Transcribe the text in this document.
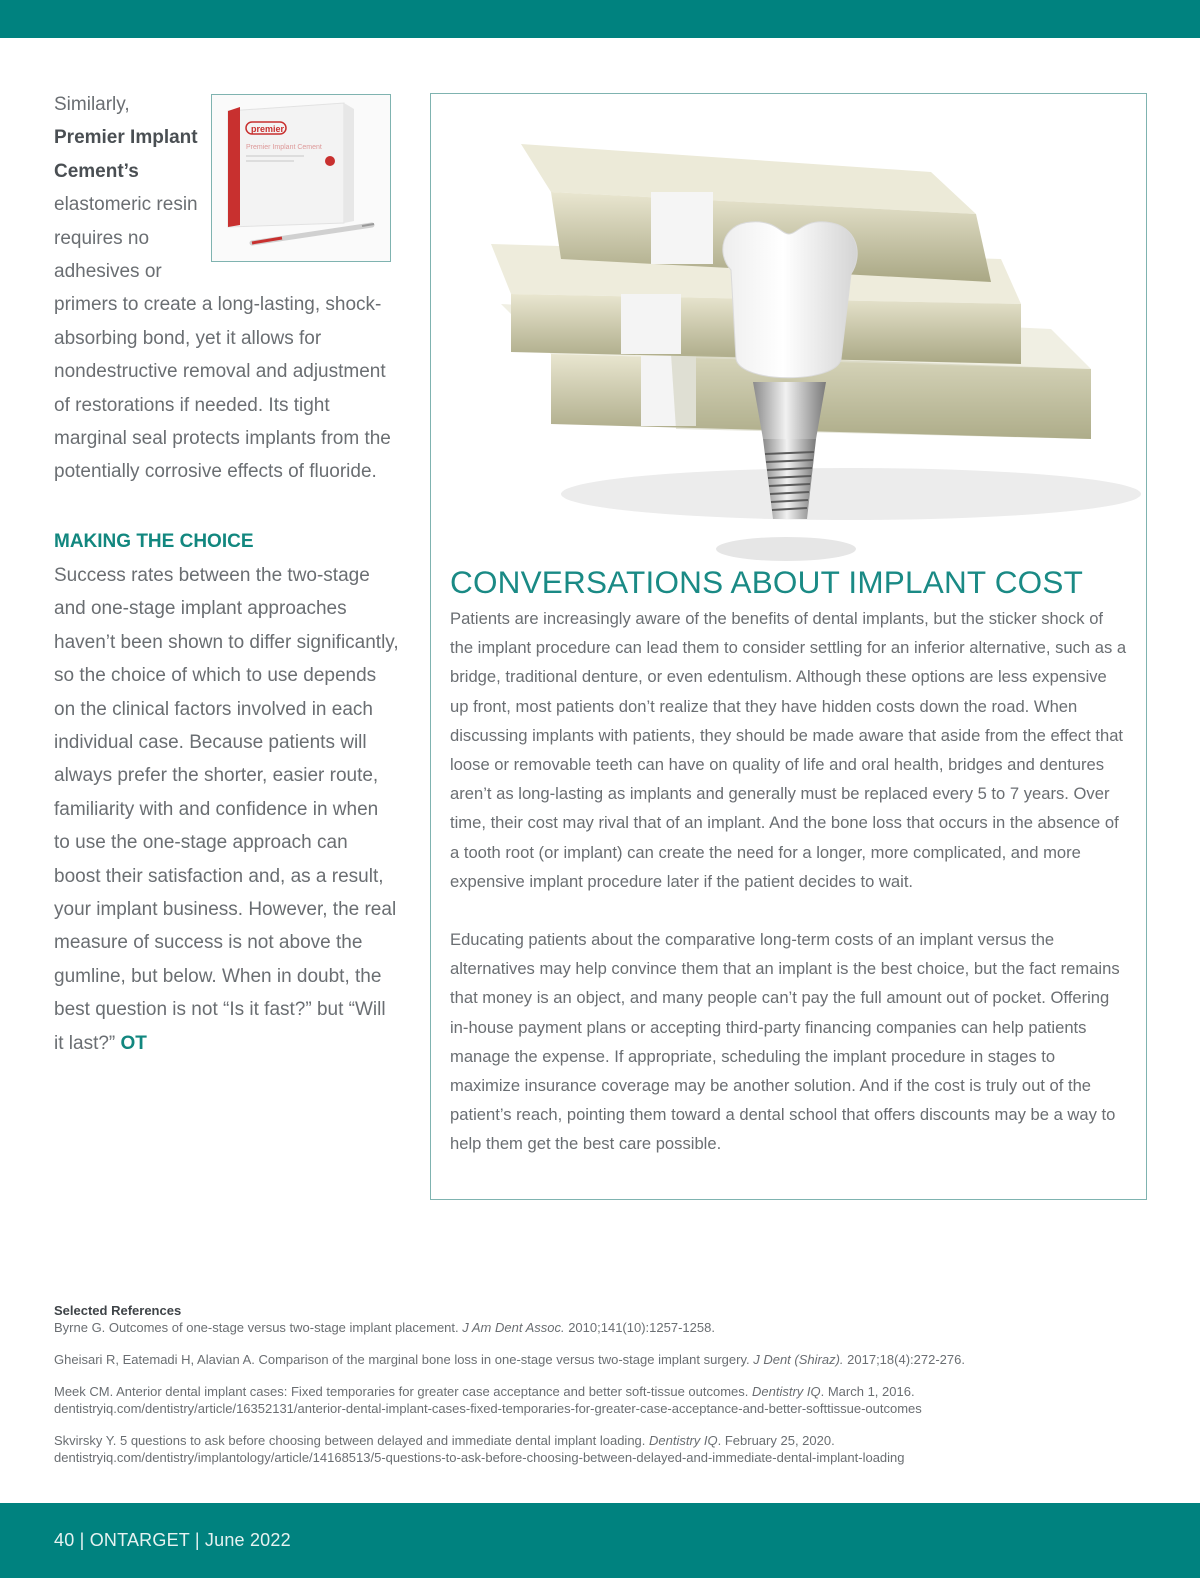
premier
Premier Implant Cement

Similarly, Premier Implant Cement’s elastomeric resin requires no adhesives or primers to create a long-lasting, shock-absorbing bond, yet it allows for nondestructive removal and adjustment of restorations if needed. Its tight marginal seal protects implants from the potentially corrosive effects of fluoride.

MAKING THE CHOICE

Success rates between the two-stage and one-stage implant approaches haven’t been shown to differ significantly, so the choice of which to use depends on the clinical factors involved in each individual case. Because patients will always prefer the shorter, easier route, familiarity with and confidence in when to use the one-stage approach can boost their satisfaction and, as a result, your implant business. However, the real measure of success is not above the gumline, but below. When in doubt, the best question is not “Is it fast?” but “Will it last?” OT

CONVERSATIONS ABOUT IMPLANT COST

Patients are increasingly aware of the benefits of dental implants, but the sticker shock of the implant procedure can lead them to consider settling for an inferior alternative, such as a bridge, traditional denture, or even edentulism. Although these options are less expensive up front, most patients don’t realize that they have hidden costs down the road. When discussing implants with patients, they should be made aware that aside from the effect that loose or removable teeth can have on quality of life and oral health, bridges and dentures aren’t as long-lasting as implants and generally must be replaced every 5 to 7 years. Over time, their cost may rival that of an implant. And the bone loss that occurs in the absence of a tooth root (or implant) can create the need for a longer, more complicated, and more expensive implant procedure later if the patient decides to wait.

Educating patients about the comparative long-term costs of an implant versus the alternatives may help convince them that an implant is the best choice, but the fact remains that money is an object, and many people can’t pay the full amount out of pocket. Offering in-house payment plans or accepting third-party financing companies can help patients manage the expense. If appropriate, scheduling the implant procedure in stages to maximize insurance coverage may be another solution. And if the cost is truly out of the patient’s reach, pointing them toward a dental school that offers discounts may be a way to help them get the best care possible.

Selected References

Byrne G. Outcomes of one-stage versus two-stage implant placement. J Am Dent Assoc. 2010;141(10):1257-1258.

Gheisari R, Eatemadi H, Alavian A. Comparison of the marginal bone loss in one-stage versus two-stage implant surgery. J Dent (Shiraz). 2017;18(4):272-276.

Meek CM. Anterior dental implant cases: Fixed temporaries for greater case acceptance and better soft-tissue outcomes. Dentistry IQ. March 1, 2016. dentistryiq.com/dentistry/article/16352131/anterior-dental-implant-cases-fixed-temporaries-for-greater-case-acceptance-and-better-softtissue-outcomes

Skvirsky Y. 5 questions to ask before choosing between delayed and immediate dental implant loading. Dentistry IQ. February 25, 2020. dentistryiq.com/dentistry/implantology/article/14168513/5-questions-to-ask-before-choosing-between-delayed-and-immediate-dental-implant-loading

40 | ONTARGET | June 2022
